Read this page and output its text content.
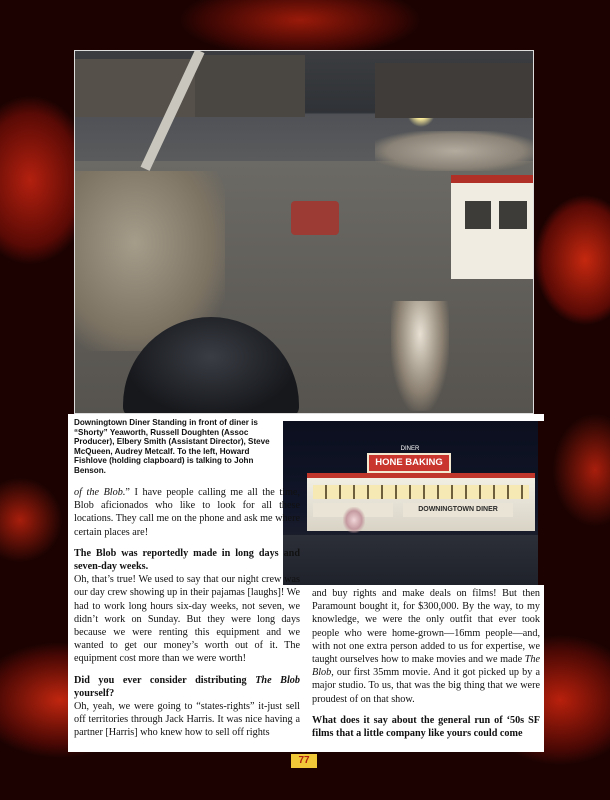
HONE BAKING
DINER
DOWNINGTOWN DINER
Downingtown Diner Standing in front of diner is “Shorty” Yeaworth, Russell Doughten (Assoc Producer), Elbery Smith (Assistant Director), Steve McQueen, Audrey Metcalf. To the left, Howard Fishlove (holding clapboard) is talking to John Benson.

of the Blob.” I have people calling me all the time, Blob aficionados who like to look for all these locations. They call me on the phone and ask me where certain places are!

The Blob was reportedly made in long days and seven-day weeks.

Oh, that’s true! We used to say that our night crew was our day crew showing up in their pajamas [laughs]! We had to work long hours six-day weeks, not seven, we didn’t work on Sunday. But they were long days because we were renting this equipment and we wanted to get our money’s worth out of it. The equipment cost more than we were worth!

Did you ever consider distributing The Blob yourself?

Oh, yeah, we were going to “states-rights” it-just sell off territories through Jack Harris. It was nice having a partner [Harris] who knew how to sell off rights

and buy rights and make deals on films! But then Paramount bought it, for $300,000. By the way, to my knowledge, we were the only outfit that ever took people who were home-grown—16mm people—and, with not one extra person added to us for expertise, we taught ourselves how to make movies and we made The Blob, our first 35mm movie. And it got picked up by a major studio. To us, that was the big thing that we were proudest of on that show.

What does it say about the general run of ‘50s SF films that a little company like yours could come

77
